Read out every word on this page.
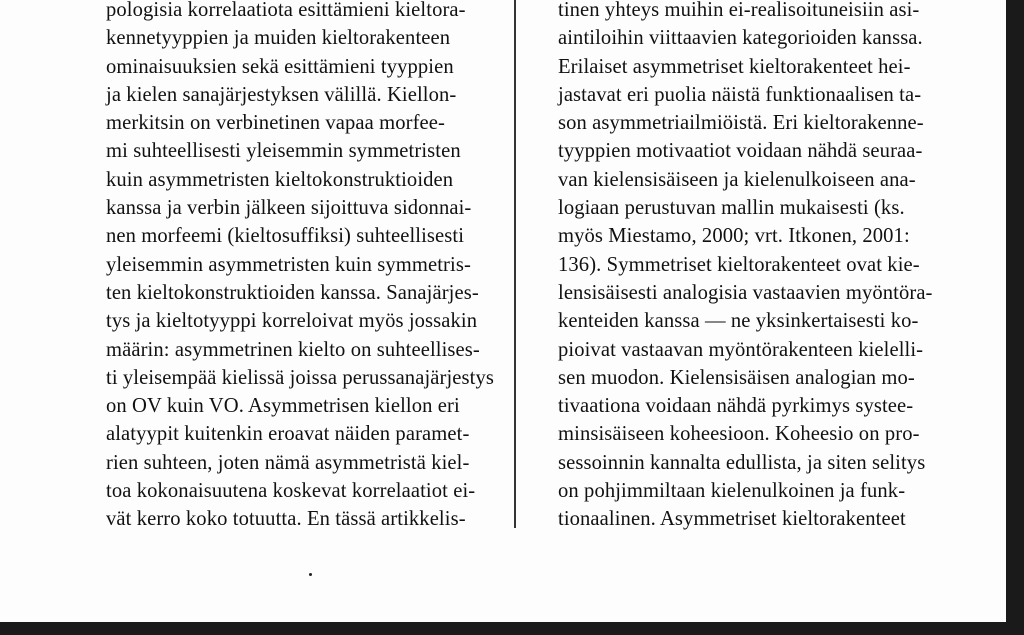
pologisia korrelaatiota esittämieni kieltora-
kennetyyppien ja muiden kieltorakenteen
ominaisuuksien sekä esittämieni tyyppien
ja kielen sanajärjestyksen välillä. Kiellon-
merkitsin on verbinetinen vapaa morfee-
mi suhteellisesti yleisemmin symmetristen
kuin asymmetristen kieltokonstruktioiden
kanssa ja verbin jälkeen sijoittuva sidonnai-
nen morfeemi (kieltosuffiksi) suhteellisesti
yleisemmin asymmetristen kuin symmetris-
ten kieltokonstruktioiden kanssa. Sanajärjes-
tys ja kieltotyyppi korreloivat myös jossakin
määrin: asymmetrinen kielto on suhteellises-
ti yleisempää kielissä joissa perussanajärjestys
on OV kuin VO. Asymmetrisen kiellon eri
alatyypit kuitenkin eroavat näiden paramet-
rien suhteen, joten nämä asymmetristä kiel-
toa kokonaisuutena koskevat korrelaatiot ei-
vät kerro koko totuutta. En tässä artikkelis-
tinen yhteys muihin ei-realisoituneisiin asi-
aintiloihin viittaavien kategorioiden kanssa.
Erilaiset asymmetriset kieltorakenteet hei-
jastavat eri puolia näistä funktionaalisen ta-
son asymmetriailmiöistä. Eri kieltorakenne-
tyyppien motivaatiot voidaan nähdä seuraa-
van kielensisäiseen ja kielenulkoiseen ana-
logiaan perustuvan mallin mukaisesti (ks.
myös Miestamo, 2000; vrt. Itkonen, 2001:
136). Symmetriset kieltorakenteet ovat kie-
lensisäisesti analogisia vastaavien myöntöra-
kenteiden kanssa — ne yksinkertaisesti ko-
pioivat vastaavan myöntörakenteen kielelli-
sen muodon. Kielensisäisen analogian mo-
tivaationa voidaan nähdä pyrkimys systee-
minsisäiseen koheesioon. Koheesio on pro-
sessoinnin kannalta edullista, ja siten selitys
on pohjimmiltaan kielenulkoinen ja funk-
tionaalinen. Asymmetriset kieltorakenteet
